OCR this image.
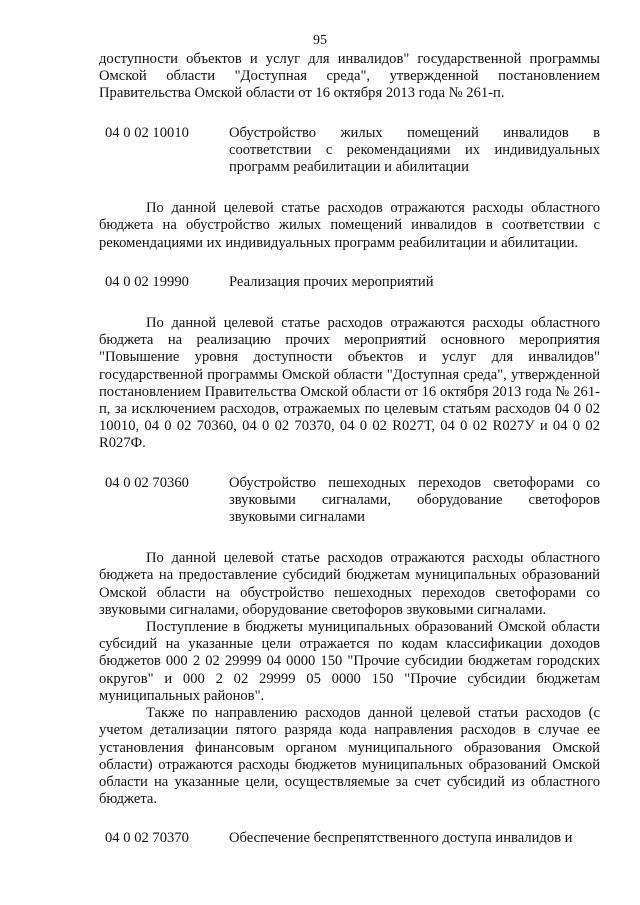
95

доступности объектов и услуг для инвалидов" государственной программы Омской области "Доступная среда", утвержденной постановлением Правительства Омской области от 16 октября 2013 года № 261-п.

04 0 02 10010	Обустройство жилых помещений инвалидов в соответствии с рекомендациями их индивидуальных программ реабилитации и абилитации

По данной целевой статье расходов отражаются расходы областного бюджета на обустройство жилых помещений инвалидов в соответствии с рекомендациями их индивидуальных программ реабилитации и абилитации.

04 0 02 19990	Реализация прочих мероприятий

По данной целевой статье расходов отражаются расходы областного бюджета на реализацию прочих мероприятий основного мероприятия "Повышение уровня доступности объектов и услуг для инвалидов" государственной программы Омской области "Доступная среда", утвержденной постановлением Правительства Омской области от 16 октября 2013 года № 261-п, за исключением расходов, отражаемых по целевым статьям расходов 04 0 02 10010, 04 0 02 70360, 04 0 02 70370, 04 0 02 R027Т, 04 0 02 R027У и 04 0 02 R027Ф.

04 0 02 70360	Обустройство пешеходных переходов светофорами со звуковыми сигналами, оборудование светофоров звуковыми сигналами

По данной целевой статье расходов отражаются расходы областного бюджета на предоставление субсидий бюджетам муниципальных образований Омской области на обустройство пешеходных переходов светофорами со звуковыми сигналами, оборудование светофоров звуковыми сигналами.

Поступление в бюджеты муниципальных образований Омской области субсидий на указанные цели отражается по кодам классификации доходов бюджетов 000 2 02 29999 04 0000 150 "Прочие субсидии бюджетам городских округов" и 000 2 02 29999 05 0000 150 "Прочие субсидии бюджетам муниципальных районов".

Также по направлению расходов данной целевой статьи расходов (с учетом детализации пятого разряда кода направления расходов в случае ее установления финансовым органом муниципального образования Омской области) отражаются расходы бюджетов муниципальных образований Омской области на указанные цели, осуществляемые за счет субсидий из областного бюджета.

04 0 02 70370	Обеспечение беспрепятственного доступа инвалидов и
